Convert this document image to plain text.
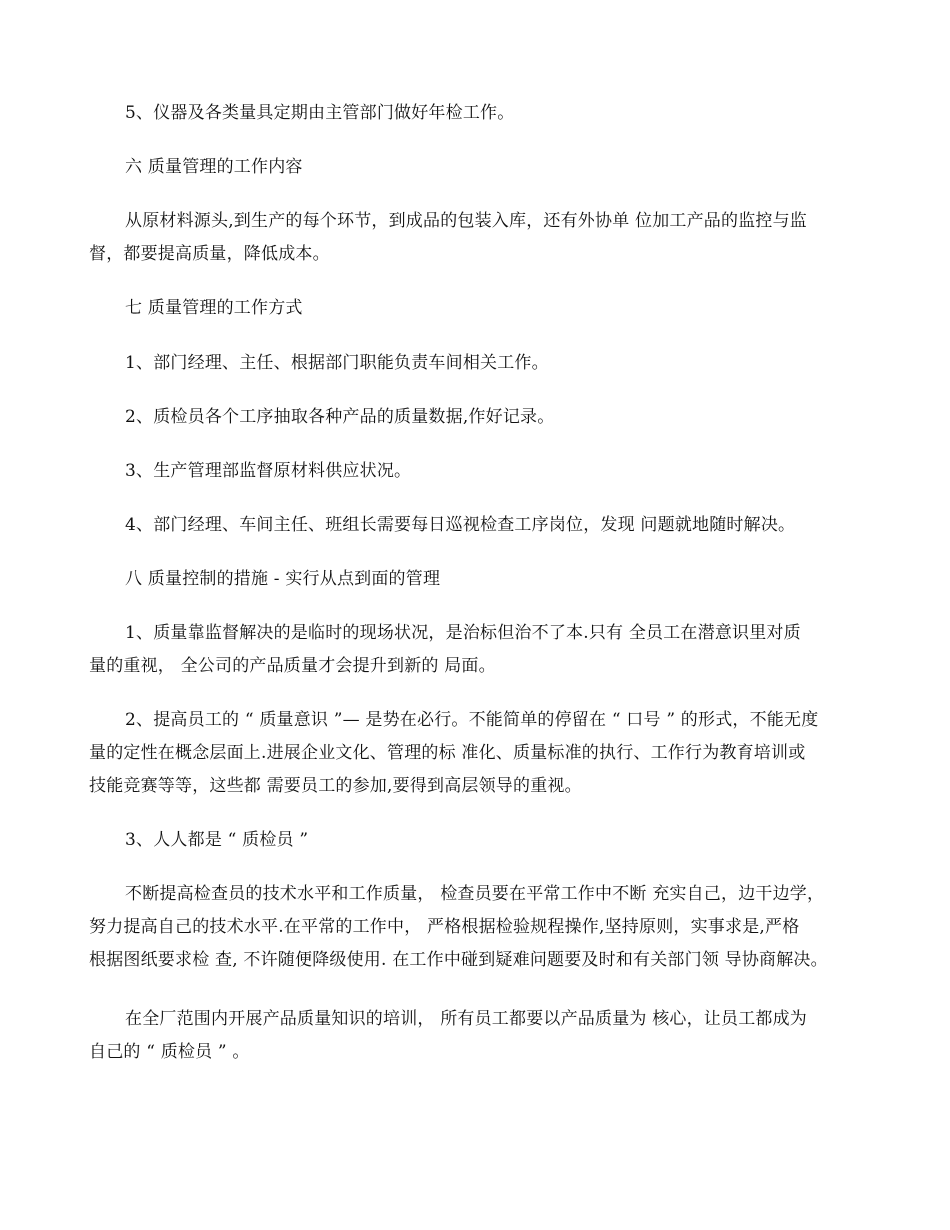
5、仪器及各类量具定期由主管部门做好年检工作。
六 质量管理的工作内容
从原材料源头,到生产的每个环节，到成品的包装入库，还有外协单 位加工产品的监控与监
督，都要提高质量，降低成本。
七 质量管理的工作方式
1、部门经理、主任、根据部门职能负责车间相关工作。
2、质检员各个工序抽取各种产品的质量数据,作好记录。
3、生产管理部监督原材料供应状况。
4、部门经理、车间主任、班组长需要每日巡视检查工序岗位，发现 问题就地随时解决。
八 质量控制的措施 - 实行从点到面的管理
1、质量靠监督解决的是临时的现场状况，是治标但治不了本.只有 全员工在潜意识里对质
量的重视， 全公司的产品质量才会提升到新的 局面。
2、提高员工的 “ 质量意识 ”— 是势在必行。不能简单的停留在 “ 口号 ” 的形式，不能无度
量的定性在概念层面上.进展企业文化、管理的标 准化、质量标准的执行、工作行为教育培训或
技能竞赛等等，这些都 需要员工的参加,要得到高层领导的重视。
3、人人都是 “ 质检员 ”
不断提高检查员的技术水平和工作质量， 检查员要在平常工作中不断 充实自己，边干边学，
努力提高自己的技术水平.在平常的工作中， 严格根据检验规程操作,坚持原则，实事求是,严格
根据图纸要求检 查, 不许随便降级使用. 在工作中碰到疑难问题要及时和有关部门领 导协商解决。
在全厂范围内开展产品质量知识的培训， 所有员工都要以产品质量为 核心，让员工都成为
自己的 “ 质检员 ” 。
